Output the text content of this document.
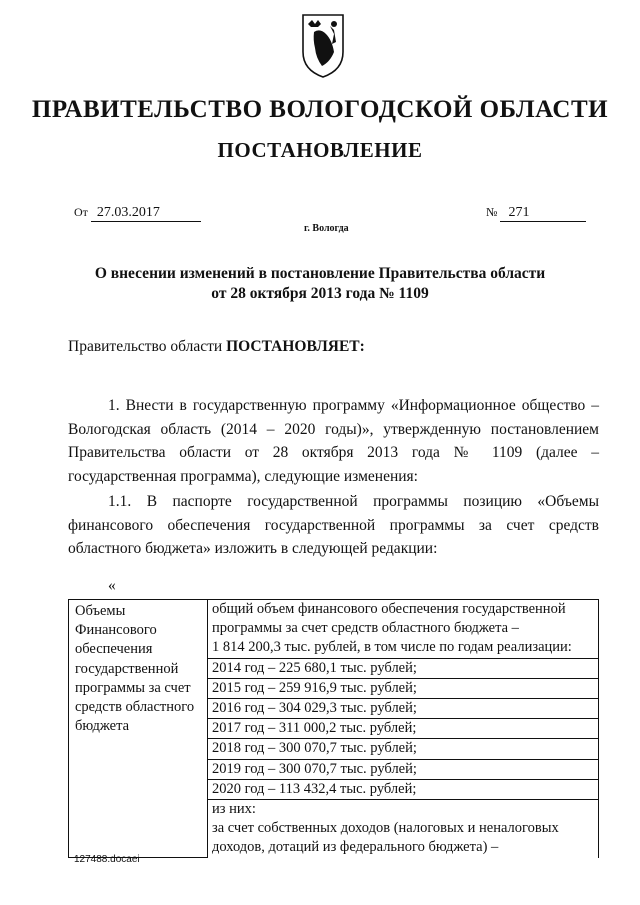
ПРАВИТЕЛЬСТВО ВОЛОГОДСКОЙ ОБЛАСТИ
ПОСТАНОВЛЕНИЕ
От 27.03.2017	№ 271
г. Вологда
О внесении изменений в постановление Правительства области
от 28 октября 2013 года № 1109
Правительство области ПОСТАНОВЛЯЕТ:

1. Внести в государственную программу «Информационное общество – Вологодская область (2014 – 2020 годы)», утвержденную постановлением Правительства области от 28 октября 2013 года № 1109 (далее – государственная программа), следующие изменения:

1.1. В паспорте государственной программы позицию «Объемы финансового обеспечения государственной программы за счет средств областного бюджета» изложить в следующей редакции:

«
Объемы Финансового обеспечения государственной программы за счет средств областного бюджета	
общий объем финансового обеспечения государственной программы за счет средств областного бюджета –
1 814 200,3 тыс. рублей, в том числе по годам реализации:
2014 год – 225 680,1 тыс. рублей;
2015 год – 259 916,9 тыс. рублей;
2016 год – 304 029,3 тыс. рублей;
2017 год – 311 000,2 тыс. рублей;
2018 год – 300 070,7 тыс. рублей;
2019 год – 300 070,7 тыс. рублей;
2020 год – 113 432,4 тыс. рублей;
из них:
за счет собственных доходов (налоговых и неналоговых доходов, дотаций из федерального бюджета) –
127488.docaei
